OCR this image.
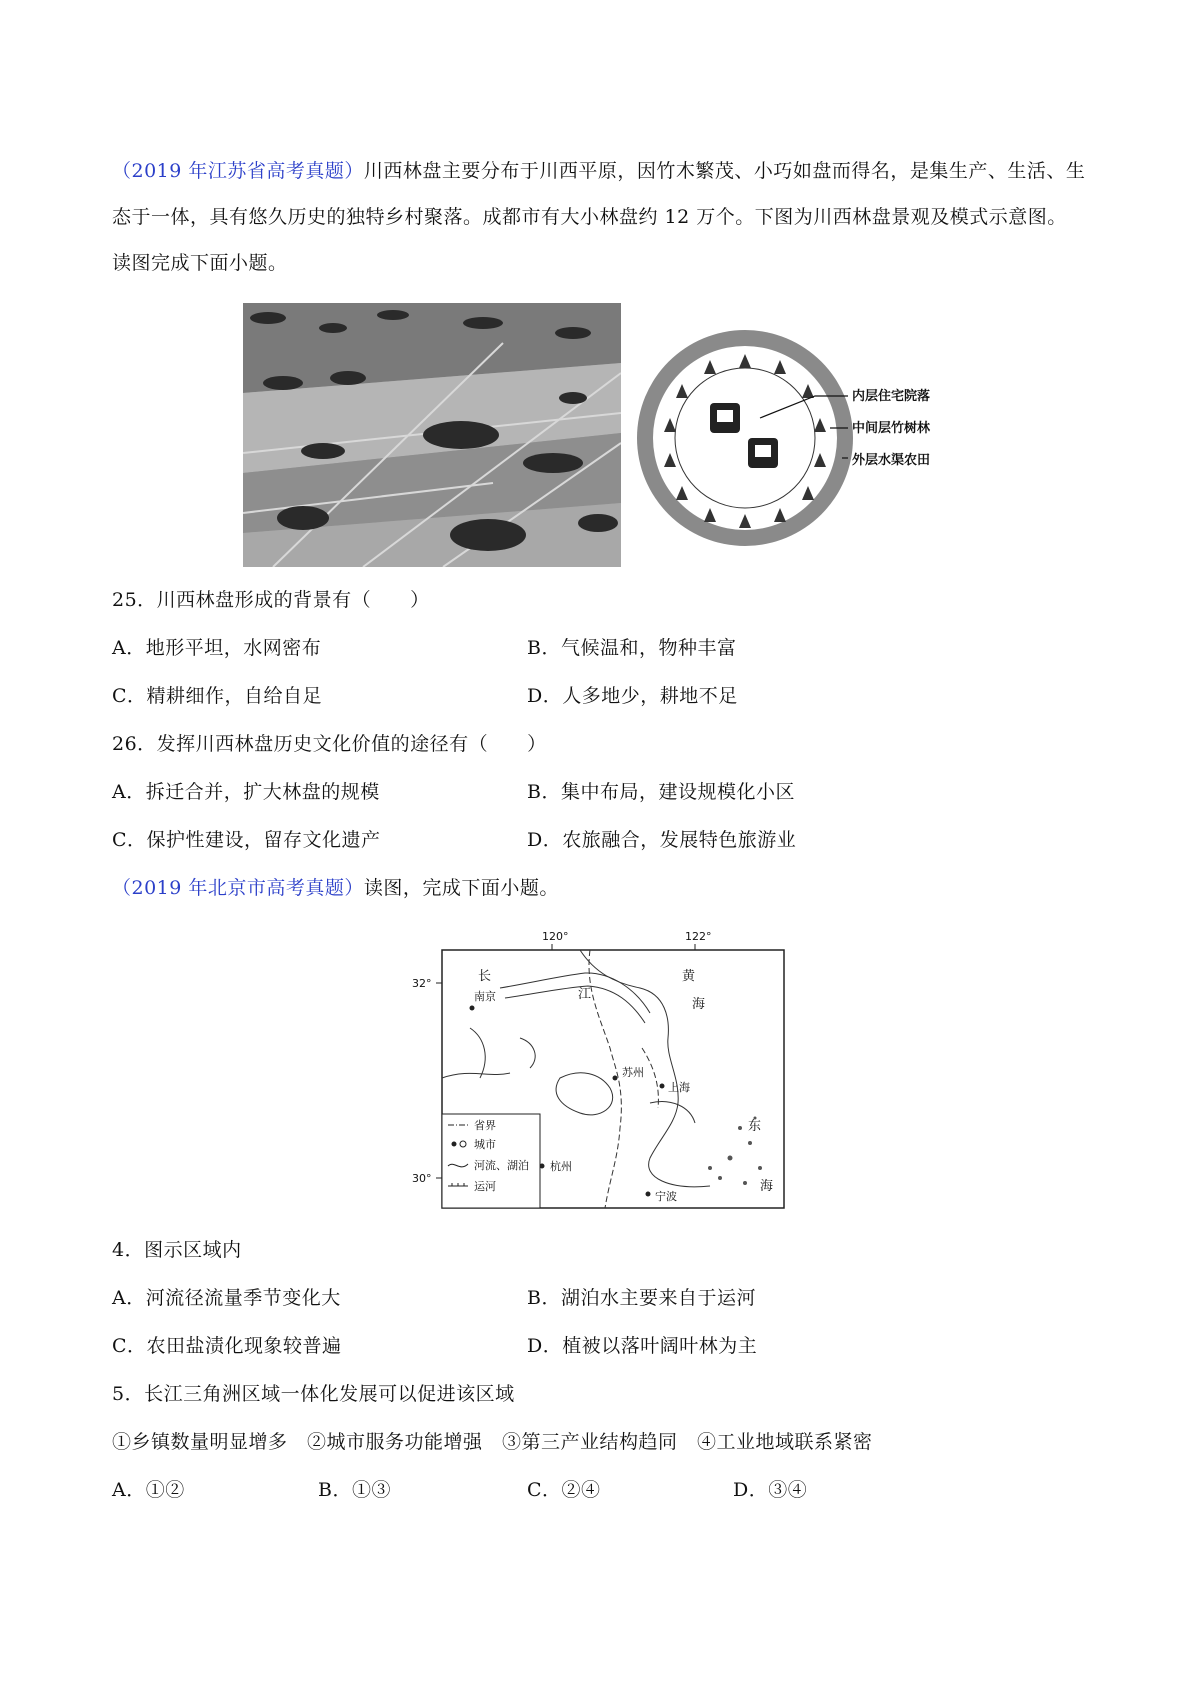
（2019 年江苏省高考真题）川西林盘主要分布于川西平原，因竹木繁茂、小巧如盘而得名，是集生产、生活、生态于一体，具有悠久历史的独特乡村聚落。成都市有大小林盘约 12 万个。下图为川西林盘景观及模式示意图。 读图完成下面小题。
内层住宅院落
中间层竹树林
外层水渠农田
25．川西林盘形成的背景有（　　）
A．地形平坦，水网密布	B．气候温和，物种丰富
C．精耕细作，自给自足	D．人多地少，耕地不足
26．发挥川西林盘历史文化价值的途径有（　　）
A．拆迁合并，扩大林盘的规模	B．集中布局，建设规模化小区
C．保护性建设，留存文化遗产	D．农旅融合，发展特色旅游业
（2019 年北京市高考真题）读图，完成下面小题。
120°	122°
32°
30°
长
江
黄
海
南京
苏州
上海
东
海
杭州
宁波
省界
城市
河流、湖泊
运河
4．图示区域内
A．河流径流量季节变化大	B．湖泊水主要来自于运河
C．农田盐渍化现象较普遍	D．植被以落叶阔叶林为主
5．长江三角洲区域一体化发展可以促进该区域
①乡镇数量明显增多　②城市服务功能增强　③第三产业结构趋同　④工业地域联系紧密
A．①②	B．①③	C．②④	D．③④
